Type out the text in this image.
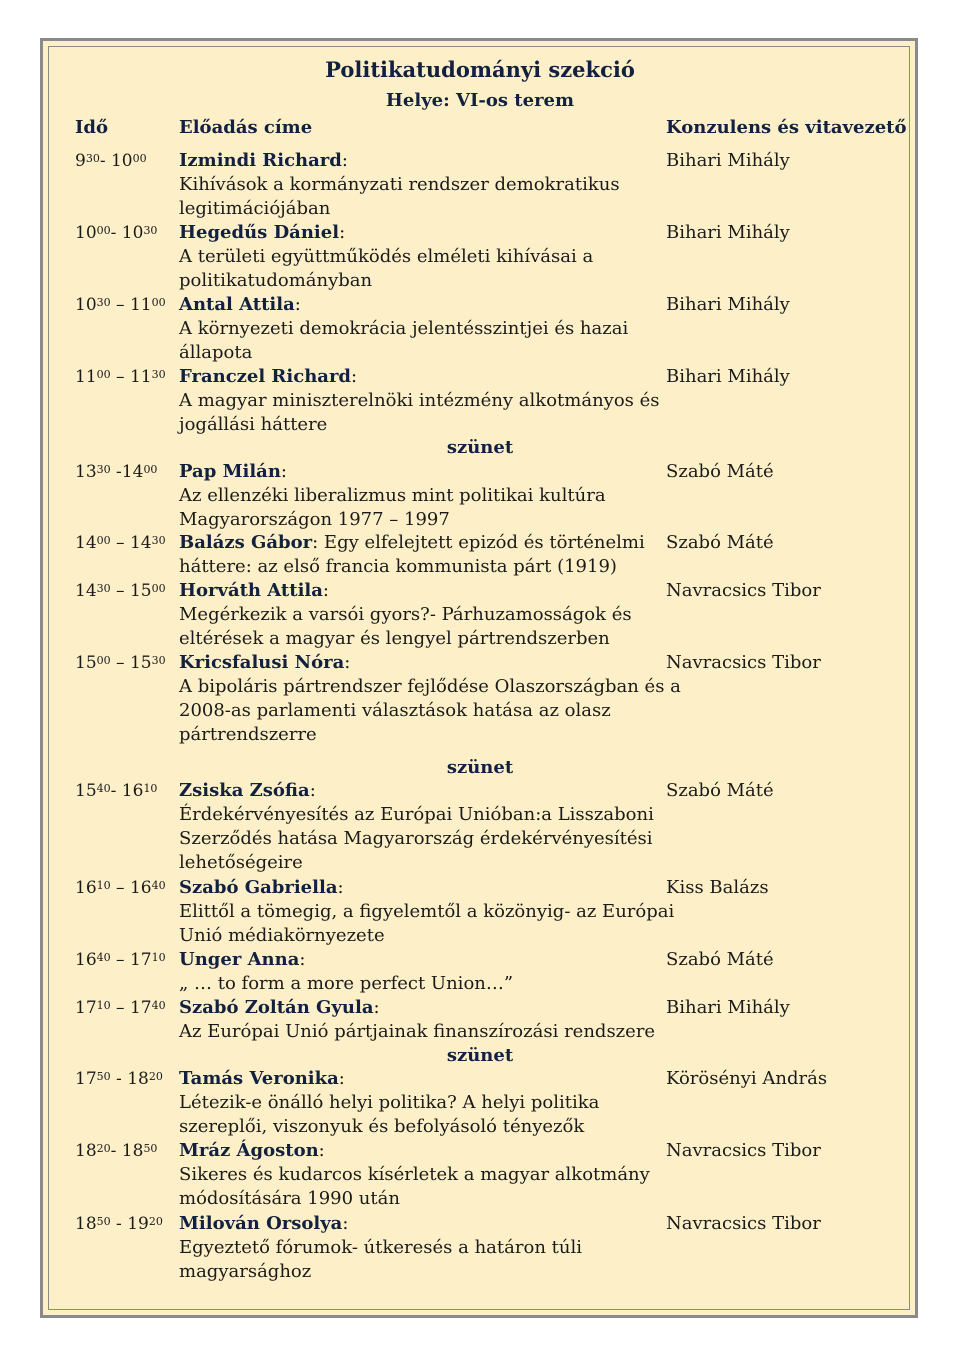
Politikatudományi szekció
Helye: VI-os terem
Idő	Előadás címe	Konzulens és vitavezető
$9^{30}-$ $10^{00}$ Izmindi Richard:
Kihívások a kormányzati rendszer demokratikus
legitimációjában
Bihari Mihály
$10^{00}-$ $10^{30}$ Hegedűs Dániel:
A területi együttműködés elméleti kihívásai a
politikatudományban
Bihari Mihály
$10^{30} - 11^{00}$ Antal Attila:
A környezeti demokrácia jelentésszintjei és hazai
állapota
Bihari Mihály
$11^{00} - 11^{30}$ Franczel Richard:
A magyar miniszterelnöki intézmény alkotmányos és
jogállási háttere
Bihari Mihály
$13^{30}$ $-14^{00}$ Pap Milán:
Az ellenzéki liberalizmus mint politikai kultúra
Magyarországon 1977 – 1997
Szabó Máté
$14^{00} - 14^{30}$ Balázs Gábor: Egy elfelejtett epizód és történelmi
háttere: az első francia kommunista párt (1919)
Szabó Máté
$14^{30} - 15^{00}$ Horváth Attila:
Megérkezik a varsói gyors?- Párhuzamosságok és
eltérések a magyar és lengyel pártrendszerben
Navracsics Tibor
$15^{00} - 15^{30}$ Kricsfalusi Nóra:
A bipoláris pártrendszer fejlődése Olaszországban és a
2008-as parlamenti választások hatása az olasz
pártrendszerre
Navracsics Tibor
$15^{40}-$ $16^{10}$ Zsiska Zsófia:
Érdekérvényesítés az Európai Unióban:a Lisszaboni
Szerződés hatása Magyarország érdekérvényesítési
lehetőségeire
Szabó Máté
$16^{10} - 16^{40}$ Szabó Gabriella:
Elittől a tömegig, a figyelemtől a közönyig- az Európai
Unió médiakörnyezete
Kiss Balázs
$16^{40} - 17^{10}$ Unger Anna:
„ … to form a more perfect Union…”
Szabó Máté
$17^{10} - 17^{40}$ Szabó Zoltán Gyula:
Az Európai Unió pártjainak finanszírozási rendszere
Bihari Mihály
$17^{50} - 18^{20}$ Tamás Veronika:
Létezik-e önálló helyi politika? A helyi politika
szereplői, viszonyuk és befolyásoló tényezők
Körösényi András
$18^{20}-$ $18^{50}$ Mráz Ágoston:
Sikeres és kudarcos kísérletek a magyar alkotmány
módosítására 1990 után
Navracsics Tibor
$18^{50} - 19^{20}$ Milován Orsolya:
Egyeztető fórumok- útkeresés a határon túli
magyarsághoz
Navracsics Tibor
szünet
szünet
szünet
